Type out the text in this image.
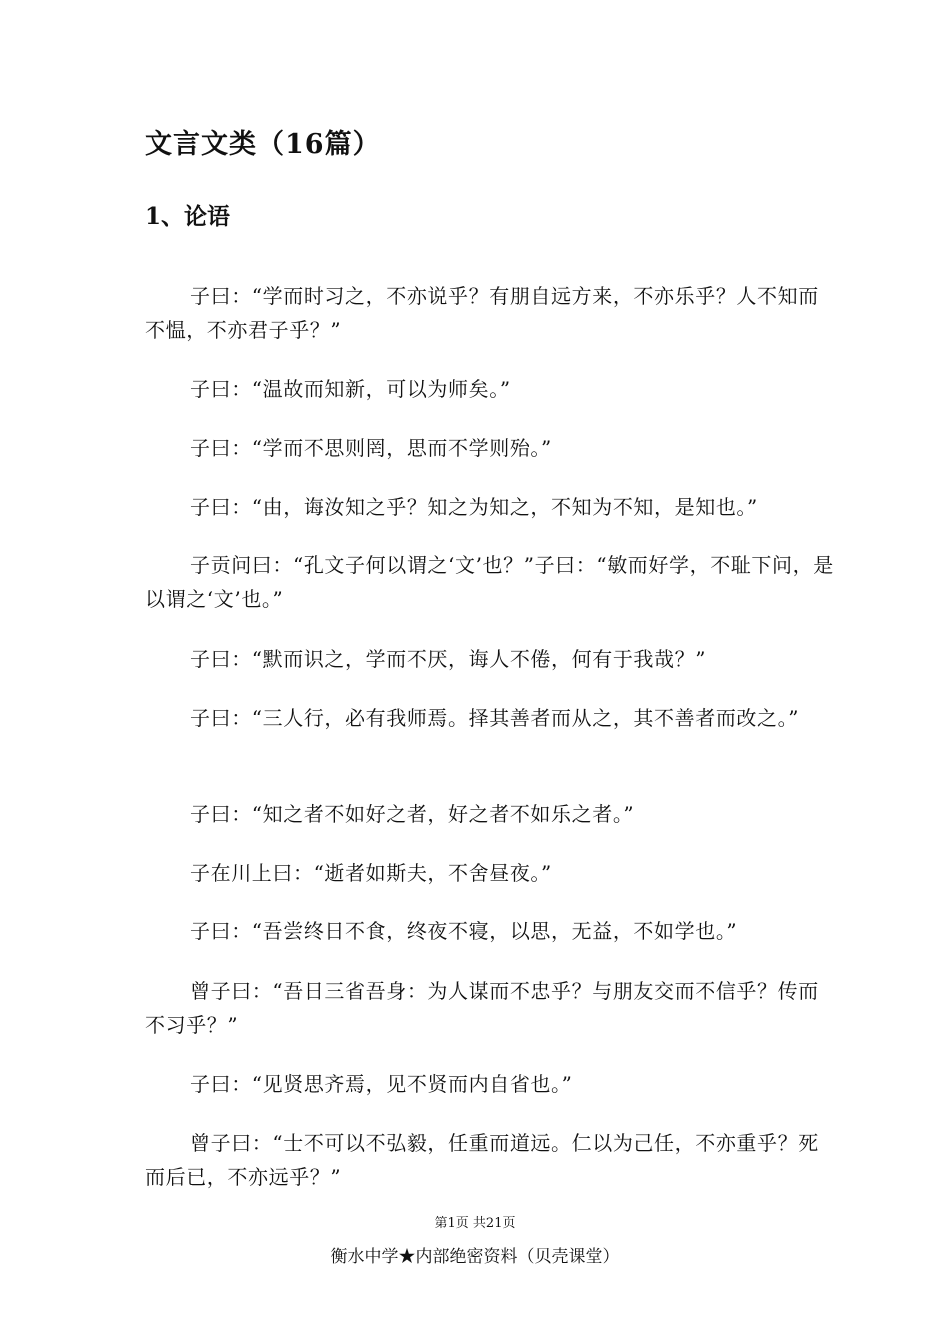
文言文类（16篇）
1、论语

子曰：“学而时习之，不亦说乎？有朋自远方来，不亦乐乎？人不知而不愠，不亦君子乎？”

子曰：“温故而知新，可以为师矣。”

子曰：“学而不思则罔，思而不学则殆。”

子曰：“由，诲汝知之乎？知之为知之，不知为不知，是知也。”

子贡问曰：“孔文子何以谓之‘文’也？”子曰：“敏而好学，不耻下问，是以谓之‘文’也。”

子曰：“默而识之，学而不厌，诲人不倦，何有于我哉？”

子曰：“三人行，必有我师焉。择其善者而从之，其不善者而改之。”

子曰：“知之者不如好之者，好之者不如乐之者。”

子在川上曰：“逝者如斯夫，不舍昼夜。”

子曰：“吾尝终日不食，终夜不寝，以思，无益，不如学也。”

曾子曰：“吾日三省吾身：为人谋而不忠乎？与朋友交而不信乎？传而不习乎？”

子曰：“见贤思齐焉，见不贤而内自省也。”

曾子曰：“士不可以不弘毅，任重而道远。仁以为己任，不亦重乎？死而后已，不亦远乎？”

第1页 共21页

衡水中学★内部绝密资料（贝壳课堂）
